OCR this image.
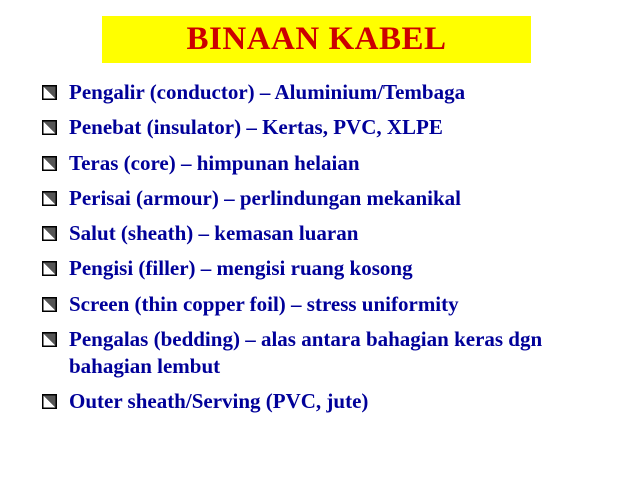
BINAAN KABEL
Pengalir (conductor) – Aluminium/Tembaga
Penebat (insulator) – Kertas, PVC, XLPE
Teras (core) – himpunan helaian
Perisai (armour) – perlindungan mekanikal
Salut (sheath) – kemasan luaran
Pengisi (filler) – mengisi ruang kosong
Screen (thin copper foil) – stress uniformity
Pengalas (bedding) – alas antara bahagian keras dgn bahagian lembut
Outer sheath/Serving (PVC, jute)
